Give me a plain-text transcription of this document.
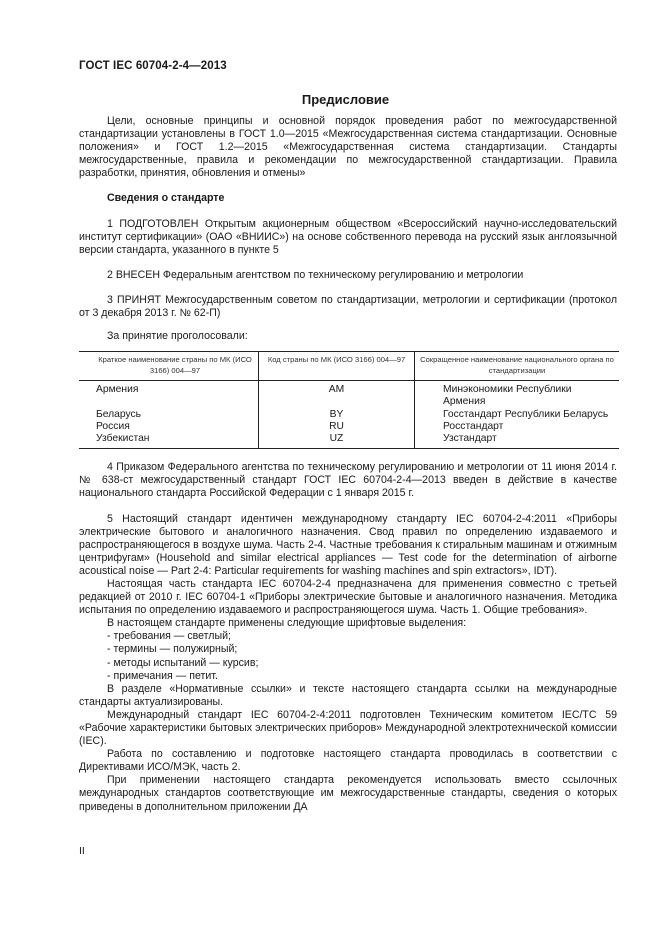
ГОСТ IEC 60704-2-4—2013
Предисловие

Цели, основные принципы и основной порядок проведения работ по межгосударственной стандартизации установлены в ГОСТ 1.0—2015 «Межгосударственная система стандартизации. Основные положения» и ГОСТ 1.2—2015 «Межгосударственная система стандартизации. Стандарты межгосударственные, правила и рекомендации по межгосударственной стандартизации. Правила разработки, принятия, обновления и отмены»

Сведения о стандарте

1 ПОДГОТОВЛЕН Открытым акционерным обществом «Всероссийский научно-исследовательский институт сертификации» (ОАО «ВНИИС») на основе собственного перевода на русский язык англоязычной версии стандарта, указанного в пункте 5

2 ВНЕСЕН Федеральным агентством по техническому регулированию и метрологии

3 ПРИНЯТ Межгосударственным советом по стандартизации, метрологии и сертификации (протокол от 3 декабря 2013 г. № 62-П)

За принятие проголосовали:

Краткое наименование страны по МК (ИСО 3166) 004—97	Код страны по МК (ИСО 3166) 004—97	Сокращенное наименование национального органа по стандартизации
Армения	AM	Минэкономики Республики Армения
Беларусь	BY	Госстандарт Республики Беларусь
Россия	RU	Росстандарт
Узбекистан	UZ	Узстандарт

4 Приказом Федерального агентства по техническому регулированию и метрологии от 11 июня 2014 г. № 638-ст межгосударственный стандарт ГОСТ IEC 60704-2-4—2013 введен в действие в качестве национального стандарта Российской Федерации с 1 января 2015 г.

5 Настоящий стандарт идентичен международному стандарту IEC 60704-2-4:2011 «Приборы электрические бытового и аналогичного назначения. Свод правил по определению издаваемого и распространяющегося в воздухе шума. Часть 2-4. Частные требования к стиральным машинам и отжимным центрифугам» (Household and similar electrical appliances — Test code for the determination of airborne acoustical noise — Part 2-4: Particular requirements for washing machines and spin extractors», IDT).

Настоящая часть стандарта IEC 60704-2-4 предназначена для применения совместно с третьей редакцией от 2010 г. IEC 60704-1 «Приборы электрические бытовые и аналогичного назначения. Методика испытания по определению издаваемого и распространяющегося шума. Часть 1. Общие требования».

В настоящем стандарте применены следующие шрифтовые выделения:

- требования — светлый;

- термины — полужирный;

- методы испытаний — курсив;

- примечания — петит.

В разделе «Нормативные ссылки» и тексте настоящего стандарта ссылки на международные стандарты актуализированы.

Международный стандарт IEC 60704-2-4:2011 подготовлен Техническим комитетом IEC/TC 59 «Рабочие характеристики бытовых электрических приборов» Международной электротехнической комиссии (IEC).

Работа по составлению и подготовке настоящего стандарта проводилась в соответствии с Директивами ИСО/МЭК, часть 2.

При применении настоящего стандарта рекомендуется использовать вместо ссылочных международных стандартов соответствующие им межгосударственные стандарты, сведения о которых приведены в дополнительном приложении ДА

II
